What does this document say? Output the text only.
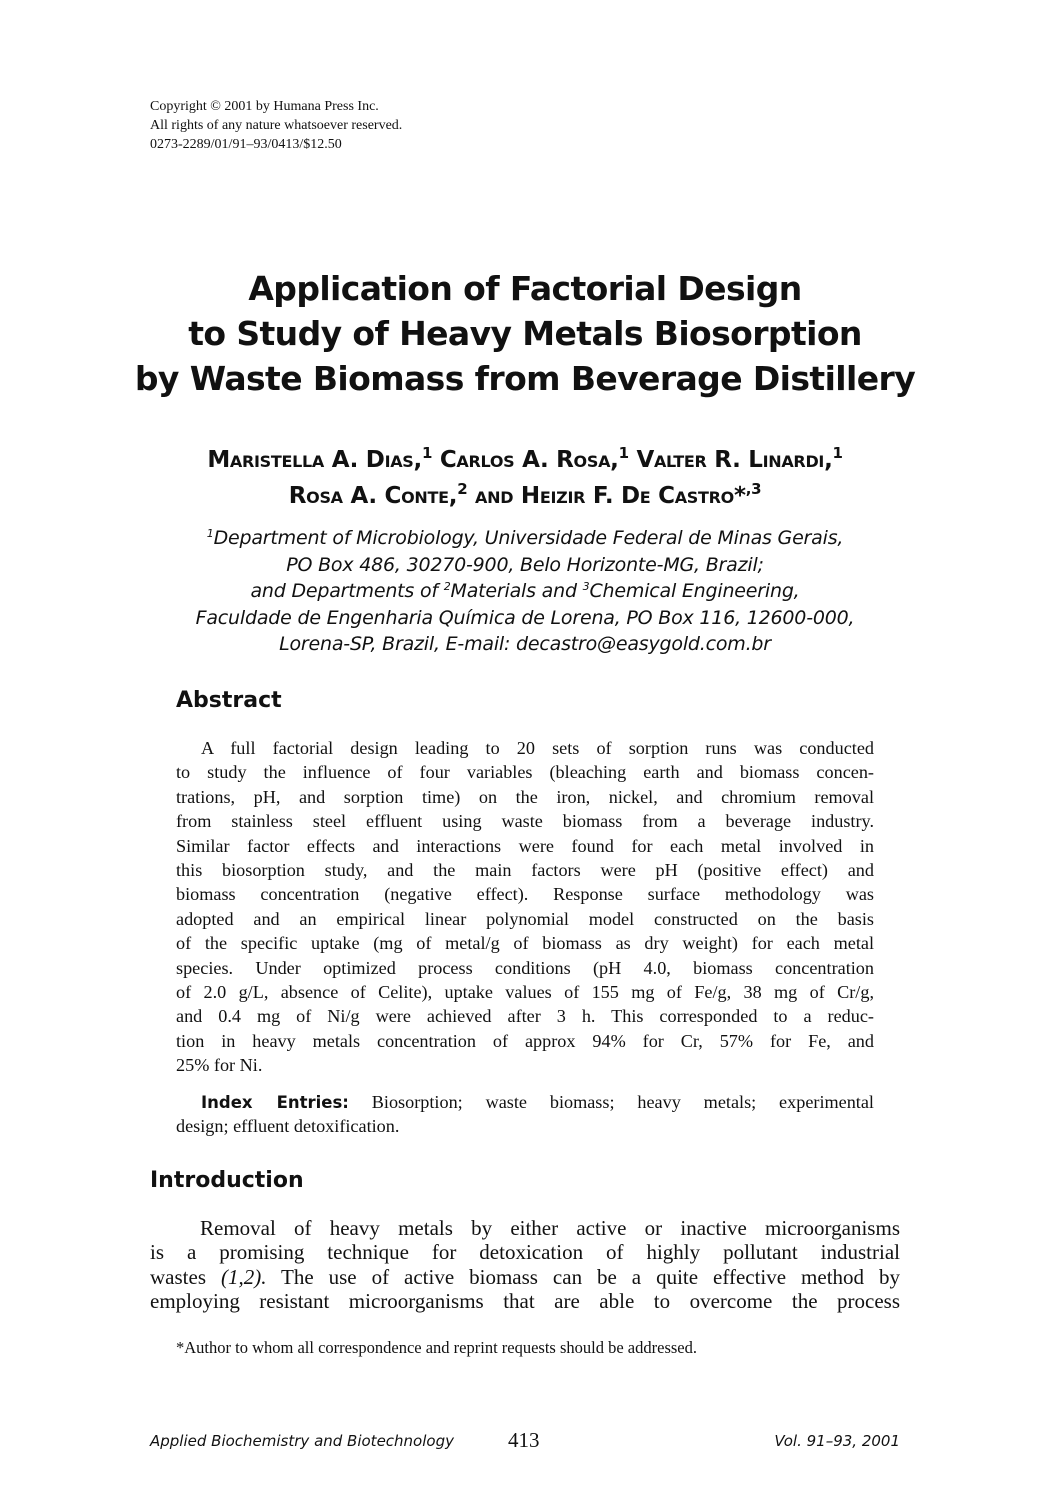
Copyright © 2001 by Humana Press Inc.
All rights of any nature whatsoever reserved.
0273-2289/01/91–93/0413/$12.50
Application of Factorial Design
to Study of Heavy Metals Biosorption
by Waste Biomass from Beverage Distillery
Maristella A. Dias,$^1$ Carlos A. Rosa,$^1$ Valter R. Linardi,$^1$
Rosa A. Conte,$^2$ and Heizir F. De Castro*$^{,3}$
$^1$Department of Microbiology, Universidade Federal de Minas Gerais,
PO Box 486, 30270-900, Belo Horizonte-MG, Brazil;
and Departments of $^2$Materials and $^3$Chemical Engineering,
Faculdade de Engenharia Química de Lorena, PO Box 116, 12600-000,
Lorena-SP, Brazil, E-mail: decastro@easygold.com.br
Abstract
A full factorial design leading to 20 sets of sorption runs was conducted
to study the influence of four variables (bleaching earth and biomass concen-
trations, pH, and sorption time) on the iron, nickel, and chromium removal
from stainless steel effluent using waste biomass from a beverage industry.
Similar factor effects and interactions were found for each metal involved in
this biosorption study, and the main factors were pH (positive effect) and
biomass concentration (negative effect). Response surface methodology was
adopted and an empirical linear polynomial model constructed on the basis
of the specific uptake (mg of metal/g of biomass as dry weight) for each metal
species. Under optimized process conditions (pH 4.0, biomass concentration
of 2.0 g/L, absence of Celite), uptake values of 155 mg of Fe/g, 38 mg of Cr/g,
and 0.4 mg of Ni/g were achieved after 3 h. This corresponded to a reduc-
tion in heavy metals concentration of approx 94% for Cr, 57% for Fe, and
25% for Ni.
Index Entries: Biosorption; waste biomass; heavy metals; experimental
design; effluent detoxification.
Introduction
Removal of heavy metals by either active or inactive microorganisms
is a promising technique for detoxication of highly pollutant industrial
wastes (1,2). The use of active biomass can be a quite effective method by
employing resistant microorganisms that are able to overcome the process
*Author to whom all correspondence and reprint requests should be addressed.
Applied Biochemistry and Biotechnology	413	Vol. 91–93, 2001
